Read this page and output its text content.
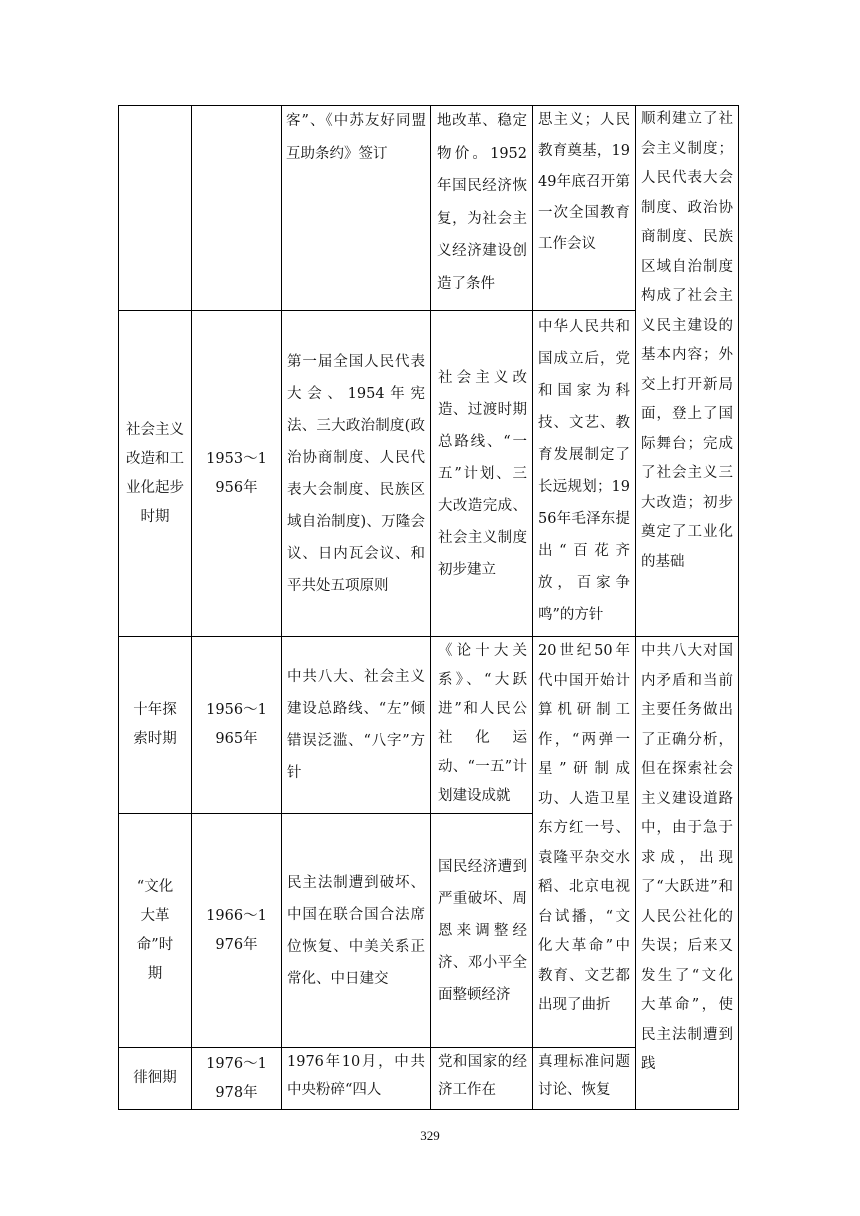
客”、《中苏友好同盟互助条约》签订
地改革、稳定物价。1952年国民经济恢复，为社会主义经济建设创造了条件
社会主义改造和工业化起步时期
1953～1956年
第一届全国人民代表大会、1954年宪法、三大政治制度(政治协商制度、人民代表大会制度、民族区域自治制度)、万隆会议、日内瓦会议、和平共处五项原则
社会主义改造、过渡时期总路线、“一五”计划、三大改造完成、社会主义制度初步建立
十年探索时期
1956～1965年
中共八大、社会主义建设总路线、“左”倾错误泛滥、“八字”方针
《论十大关系》、“大跃进”和人民公社化运动、“一五”计划建设成就
“文化大革命”时期
1966～1976年
民主法制遭到破坏、中国在联合国合法席位恢复、中美关系正常化、中日建交
国民经济遭到严重破坏、周恩来调整经济、邓小平全面整顿经济
徘徊期
1976～1978年
1976年10月，中共中央粉碎“四人
党和国家的经济工作在
思主义；人民教育奠基，1949年底召开第一次全国教育工作会议
中华人民共和国成立后，党和国家为科技、文艺、教育发展制定了长远规划；1956年毛泽东提出“百花齐放，百家争鸣”的方针
20世纪50年代中国开始计算机研制工作，“两弹一星”研制成功、人造卫星东方红一号、袁隆平杂交水稻、北京电视台试播，“文化大革命”中教育、文艺都出现了曲折
真理标准问题讨论、恢复
顺利建立了社会主义制度；人民代表大会制度、政治协商制度、民族区域自治制度构成了社会主义民主建设的基本内容；外交上打开新局面，登上了国际舞台；完成了社会主义三大改造；初步奠定了工业化的基础
中共八大对国内矛盾和当前主要任务做出了正确分析，但在探索社会主义建设道路中，由于急于求成，出现了“大跃进”和人民公社化的失误；后来又发生了“文化大革命”，使民主法制遭到践
329
